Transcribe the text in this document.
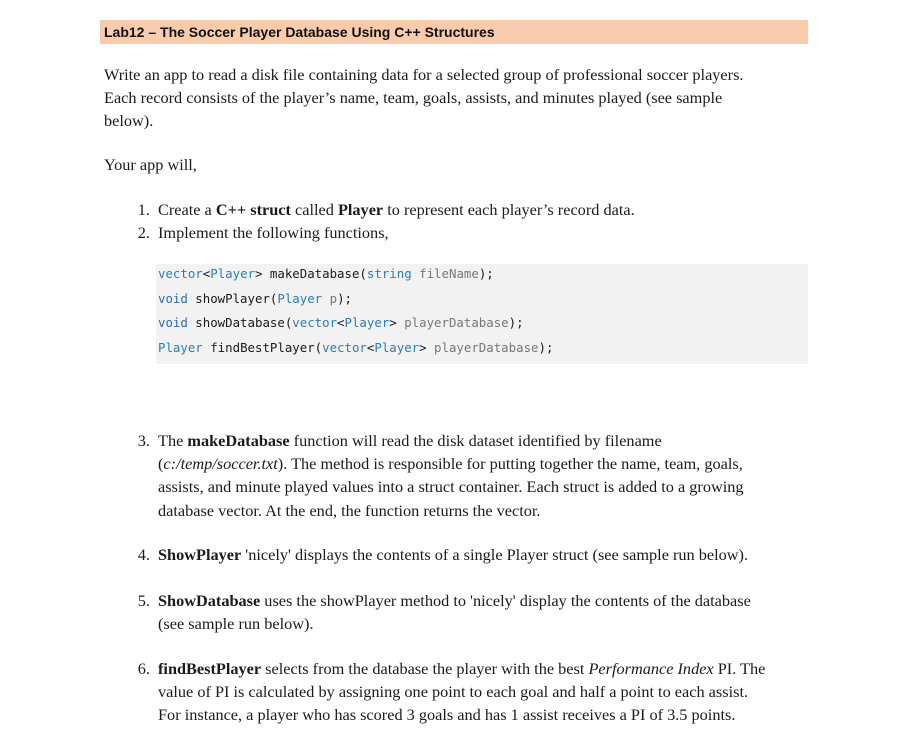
Lab12 – The Soccer Player Database Using C++ Structures
Write an app to read a disk file containing data for a selected group of professional soccer players.
Each record consists of the player’s name, team, goals, assists, and minutes played (see sample
below).
Your app will,
1. Create a C++ struct called Player to represent each player’s record data.
2. Implement the following functions,
vector<Player> makeDatabase(string fileName);
void showPlayer(Player p);
void showDatabase(vector<Player> playerDatabase);
Player findBestPlayer(vector<Player> playerDatabase);
3. The makeDatabase function will read the disk dataset identified by filename
(c:/temp/soccer.txt). The method is responsible for putting together the name, team, goals,
assists, and minute played values into a struct container. Each struct is added to a growing
database vector. At the end, the function returns the vector.
4. ShowPlayer 'nicely' displays the contents of a single Player struct (see sample run below).
5. ShowDatabase uses the showPlayer method to 'nicely' display the contents of the database
(see sample run below).
6. findBestPlayer selects from the database the player with the best Performance Index PI. The
value of PI is calculated by assigning one point to each goal and half a point to each assist.
For instance, a player who has scored 3 goals and has 1 assist receives a PI of 3.5 points.
